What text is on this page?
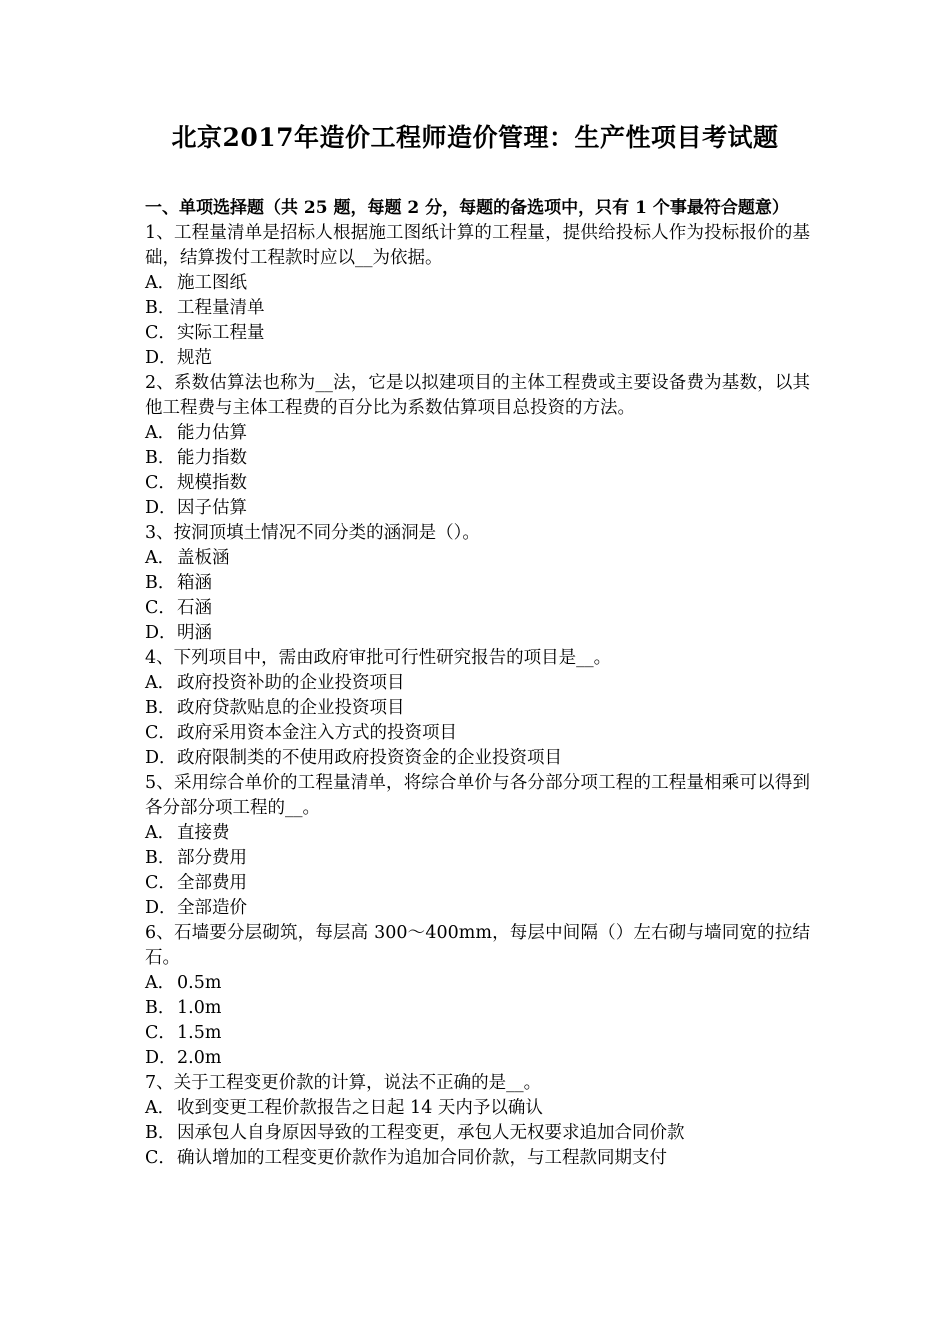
北京2017年造价工程师造价管理：生产性项目考试题
一、单项选择题（共 25 题，每题 2 分，每题的备选项中，只有 1 个事最符合题意）
1、工程量清单是招标人根据施工图纸计算的工程量，提供给投标人作为投标报价的基础，结算拨付工程款时应以__为依据。
A． 施工图纸
B．工程量清单
C．实际工程量
D．规范
2、系数估算法也称为__法，它是以拟建项目的主体工程费或主要设备费为基数，以其他工程费与主体工程费的百分比为系数估算项目总投资的方法。
A． 能力估算
B．能力指数
C．规模指数
D．因子估算
3、按洞顶填土情况不同分类的涵洞是（）。
A． 盖板涵
B．箱涵
C．石涵
D．明涵
4、下列项目中，需由政府审批可行性研究报告的项目是__。
A． 政府投资补助的企业投资项目
B．政府贷款贴息的企业投资项目
C．政府采用资本金注入方式的投资项目
D．政府限制类的不使用政府投资资金的企业投资项目
5、采用综合单价的工程量清单，将综合单价与各分部分项工程的工程量相乘可以得到各分部分项工程的__。
A． 直接费
B．部分费用
C．全部费用
D．全部造价
6、石墙要分层砌筑，每层高 300～400mm，每层中间隔（）左右砌与墙同宽的拉结石。
A． 0.5m
B．1.0m
C．1.5m
D．2.0m
7、关于工程变更价款的计算，说法不正确的是__。
A． 收到变更工程价款报告之日起 14 天内予以确认
B．因承包人自身原因导致的工程变更，承包人无权要求追加合同价款
C．确认增加的工程变更价款作为追加合同价款，与工程款同期支付
